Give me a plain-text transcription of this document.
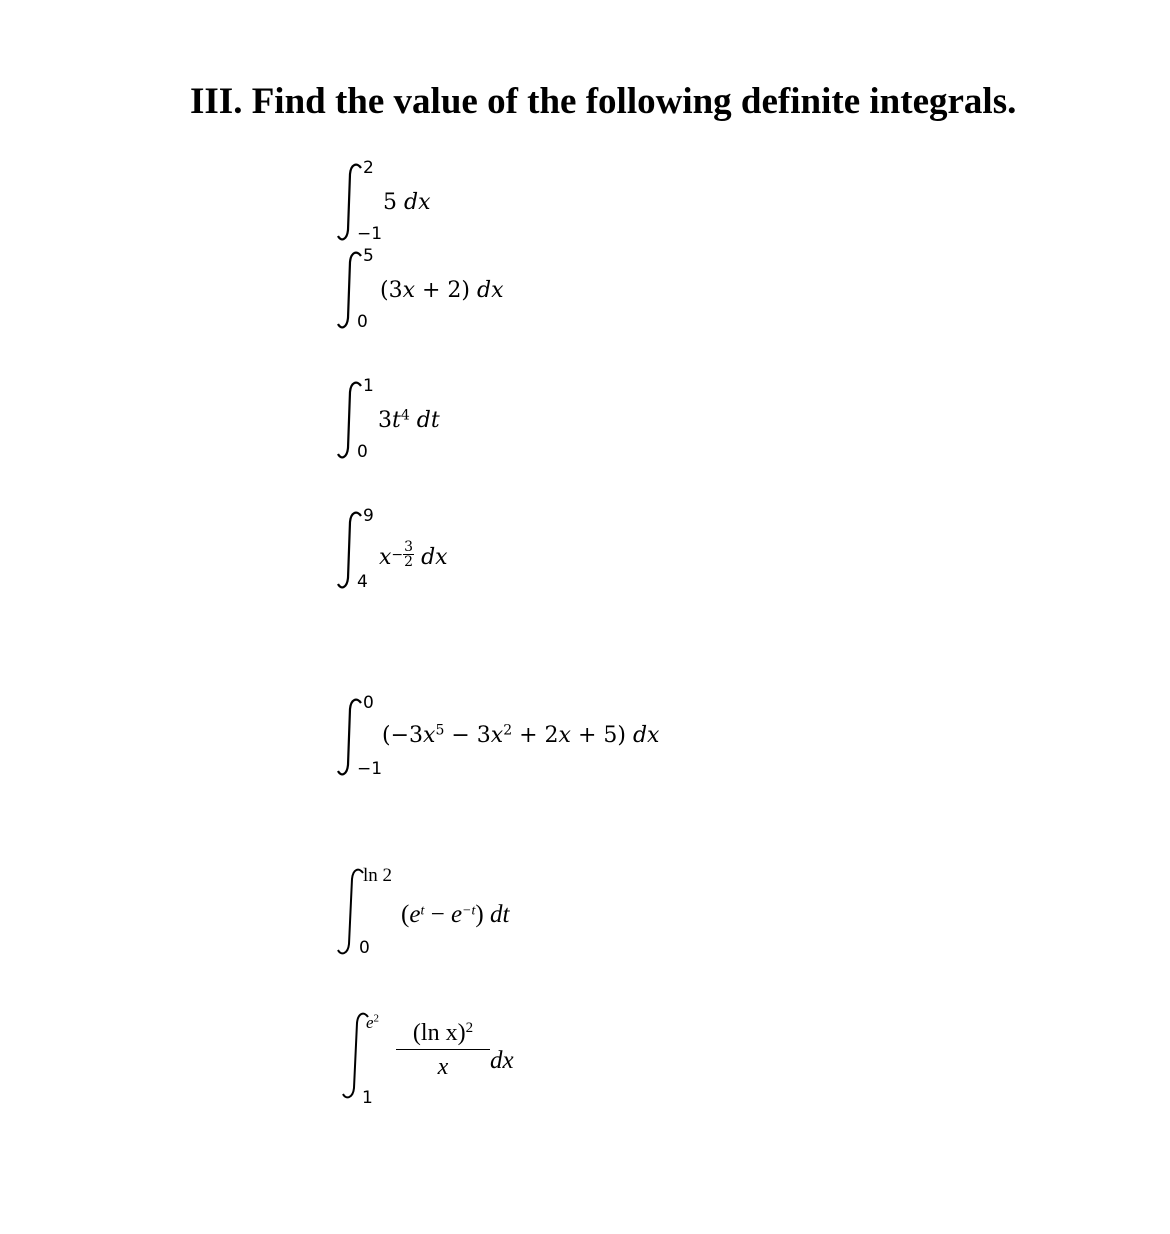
III. Find the value of the following definite integrals.
2
−1
5 dx
5
0
(3x + 2) dx
1
0
$3t^4$ dt
9
4
$x- \frac{3}{2}$ dx
0
−1
$(-3x^5 - 3x^2 + 2x + 5)$ dx
ln 2
0
$(e^t - e^{-t})$ dt
$e^2$
1
(ln x)$^2$
x	dx
